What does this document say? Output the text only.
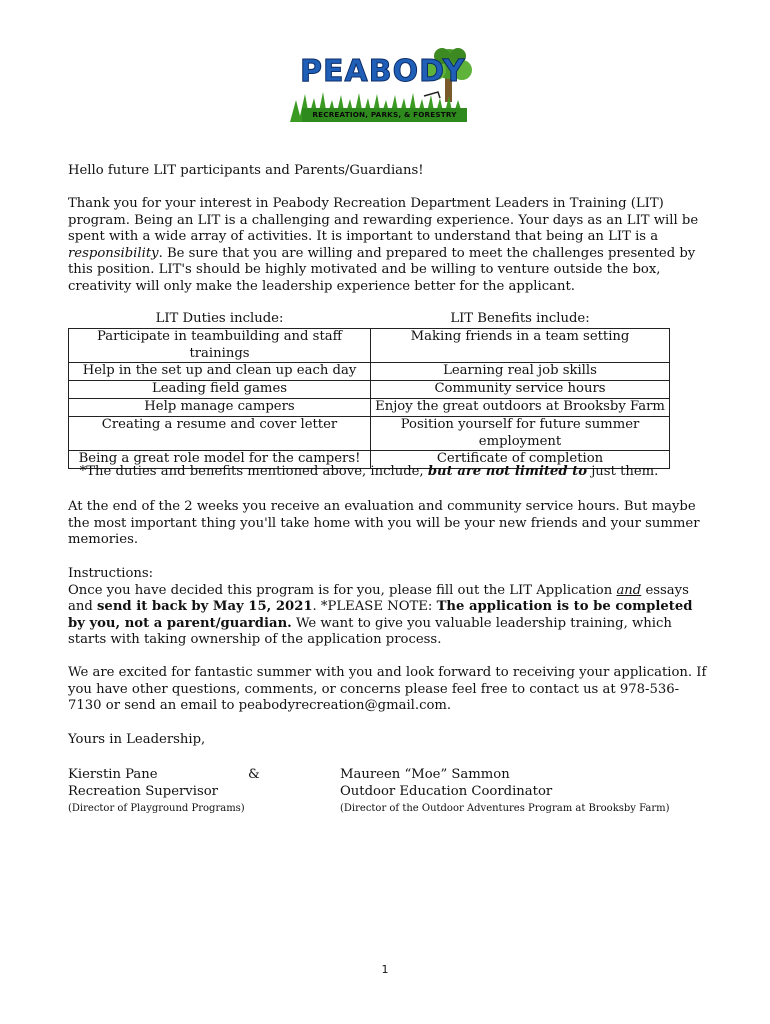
PEABODY
RECREATION, PARKS, & FORESTRY

Hello future LIT participants and Parents/Guardians!

Thank you for your interest in Peabody Recreation Department Leaders in Training (LIT) program. Being an LIT is a challenging and rewarding experience. Your days as an LIT will be spent with a wide array of activities. It is important to understand that being an LIT is a responsibility. Be sure that you are willing and prepared to meet the challenges presented by this position. LIT's should be highly motivated and be willing to venture outside the box, creativity will only make the leadership experience better for the applicant.

LIT Duties include:	LIT Benefits include:
Participate in teambuilding and staff trainings	Making friends in a team setting
Help in the set up and clean up each day	Learning real job skills
Leading field games	Community service hours
Help manage campers	Enjoy the great outdoors at Brooksby Farm
Creating a resume and cover letter	Position yourself for future summer employment
Being a great role model for the campers!	Certificate of completion

*The duties and benefits mentioned above, include, but are not limited to just them.

At the end of the 2 weeks you receive an evaluation and community service hours. But maybe the most important thing you'll take home with you will be your new friends and your summer memories.

Instructions:
Once you have decided this program is for you, please fill out the LIT Application and essays and send it back by May 15, 2021. *PLEASE NOTE: The application is to be completed by you, not a parent/guardian. We want to give you valuable leadership training, which starts with taking ownership of the application process.

We are excited for fantastic summer with you and look forward to receiving your application. If you have other questions, comments, or concerns please feel free to contact us at 978-536-7130 or send an email to peabodyrecreation@gmail.com.

Yours in Leadership,

Kierstin Pane
Recreation Supervisor
(Director of Playground Programs)
&	Maureen “Moe” Sammon
Outdoor Education Coordinator
(Director of the Outdoor Adventures Program at Brooksby Farm)
1
